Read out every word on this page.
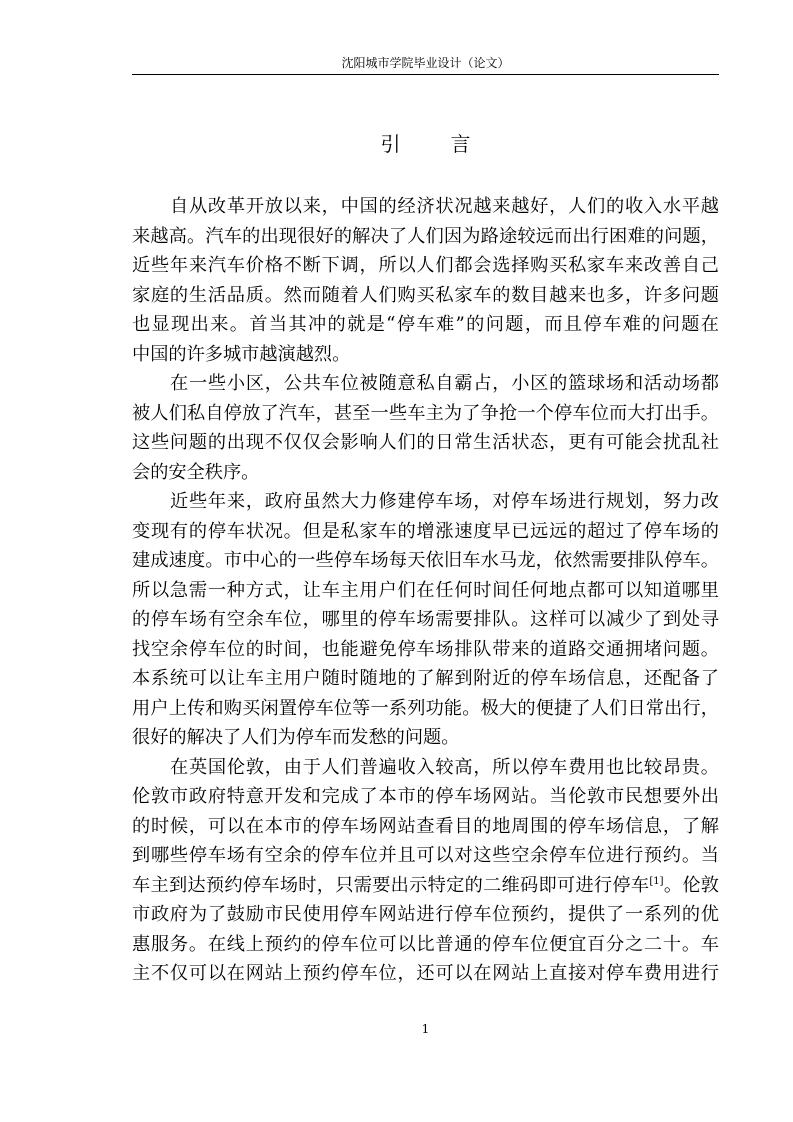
沈阳城市学院毕业设计（论文）
引	言
自从改革开放以来，中国的经济状况越来越好，人们的收入水平越
来越高。汽车的出现很好的解决了人们因为路途较远而出行困难的问题，
近些年来汽车价格不断下调，所以人们都会选择购买私家车来改善自己
家庭的生活品质。然而随着人们购买私家车的数目越来也多，许多问题
也显现出来。首当其冲的就是“停车难”的问题，而且停车难的问题在
中国的许多城市越演越烈。
在一些小区，公共车位被随意私自霸占，小区的篮球场和活动场都
被人们私自停放了汽车，甚至一些车主为了争抢一个停车位而大打出手。
这些问题的出现不仅仅会影响人们的日常生活状态，更有可能会扰乱社
会的安全秩序。
近些年来，政府虽然大力修建停车场，对停车场进行规划，努力改
变现有的停车状况。但是私家车的增涨速度早已远远的超过了停车场的
建成速度。市中心的一些停车场每天依旧车水马龙，依然需要排队停车。
所以急需一种方式，让车主用户们在任何时间任何地点都可以知道哪里
的停车场有空余车位，哪里的停车场需要排队。这样可以减少了到处寻
找空余停车位的时间，也能避免停车场排队带来的道路交通拥堵问题。
本系统可以让车主用户随时随地的了解到附近的停车场信息，还配备了
用户上传和购买闲置停车位等一系列功能。极大的便捷了人们日常出行，
很好的解决了人们为停车而发愁的问题。
在英国伦敦，由于人们普遍收入较高，所以停车费用也比较昂贵。
伦敦市政府特意开发和完成了本市的停车场网站。当伦敦市民想要外出
的时候，可以在本市的停车场网站查看目的地周围的停车场信息，了解
到哪些停车场有空余的停车位并且可以对这些空余停车位进行预约。当
车主到达预约停车场时，只需要出示特定的二维码即可进行停车[1]。伦敦
市政府为了鼓励市民使用停车网站进行停车位预约，提供了一系列的优
惠服务。在线上预约的停车位可以比普通的停车位便宜百分之二十。车
主不仅可以在网站上预约停车位，还可以在网站上直接对停车费用进行
1
